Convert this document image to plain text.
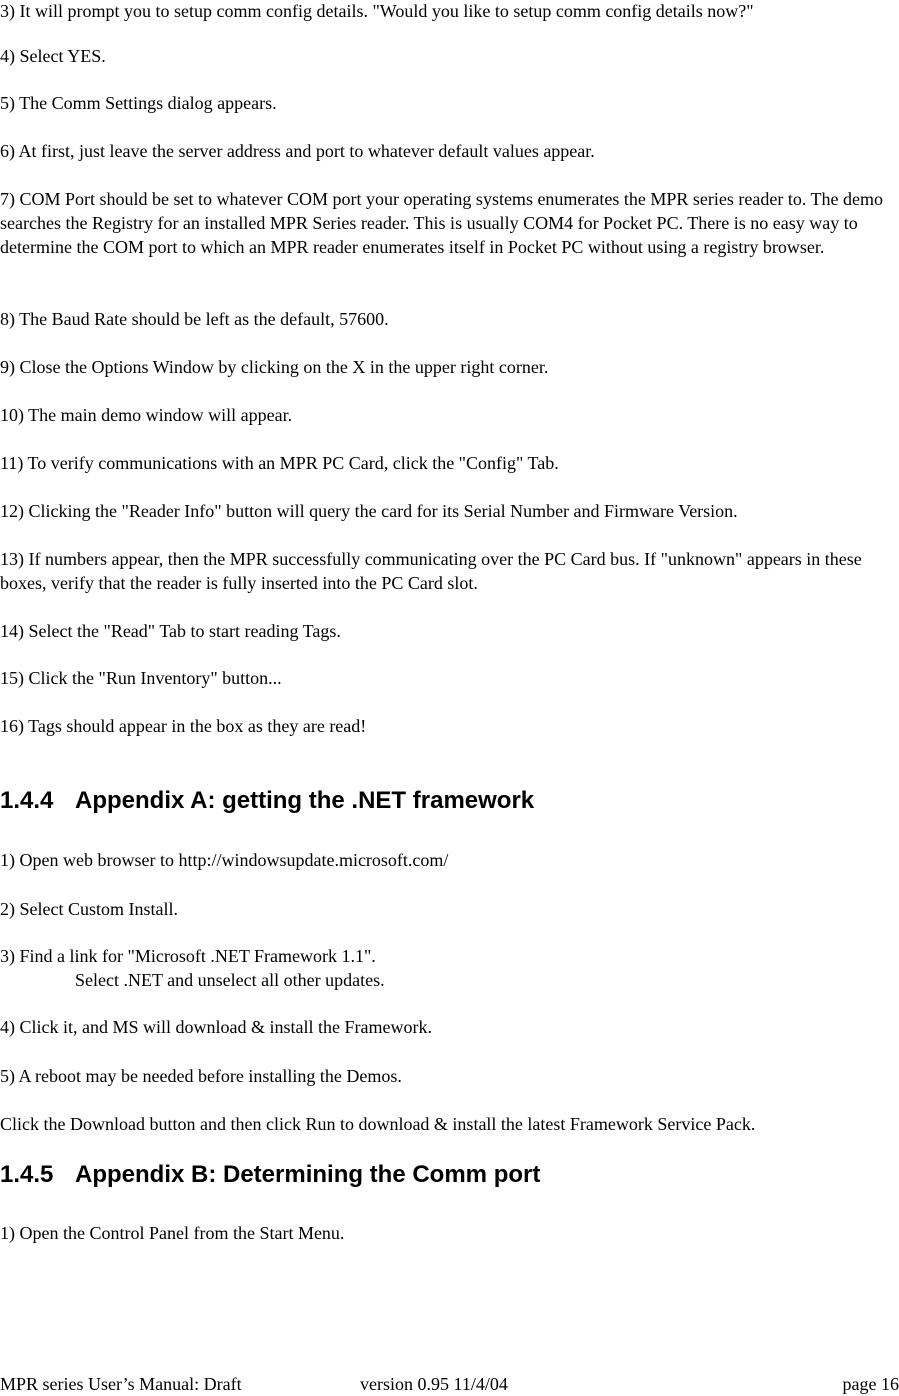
3) It will prompt you to setup comm config details. "Would you like to setup comm config details now?"

4) Select YES.

5) The Comm Settings dialog appears.

6) At first, just leave the server address and port to whatever default values appear.

7) COM Port should be set to whatever COM port your operating systems enumerates the MPR series reader to. The demo searches the Registry for an installed MPR Series reader. This is usually COM4 for Pocket PC. There is no easy way to determine the COM port to which an MPR reader enumerates itself in Pocket PC without using a registry browser.

8) The Baud Rate should be left as the default, 57600.

9) Close the Options Window by clicking on the X in the upper right corner.

10) The main demo window will appear.

11) To verify communications with an MPR PC Card, click the "Config" Tab.

12) Clicking the "Reader Info" button will query the card for its Serial Number and Firmware Version.

13) If numbers appear, then the MPR successfully communicating over the PC Card bus. If "unknown" appears in these boxes, verify that the reader is fully inserted into the PC Card slot.

14) Select the "Read" Tab to start reading Tags.

15) Click the "Run Inventory" button...

16) Tags should appear in the box as they are read!

1.4.4 Appendix A: getting the .NET framework

1) Open web browser to http://windowsupdate.microsoft.com/

2) Select Custom Install.

3) Find a link for "Microsoft .NET Framework 1.1".

Select .NET and unselect all other updates.

4) Click it, and MS will download & install the Framework.

5) A reboot may be needed before installing the Demos.

Click the Download button and then click Run to download & install the latest Framework Service Pack.

1.4.5 Appendix B: Determining the Comm port

1) Open the Control Panel from the Start Menu.

MPR series User’s Manual: Draft	version 0.95 11/4/04	page 16
